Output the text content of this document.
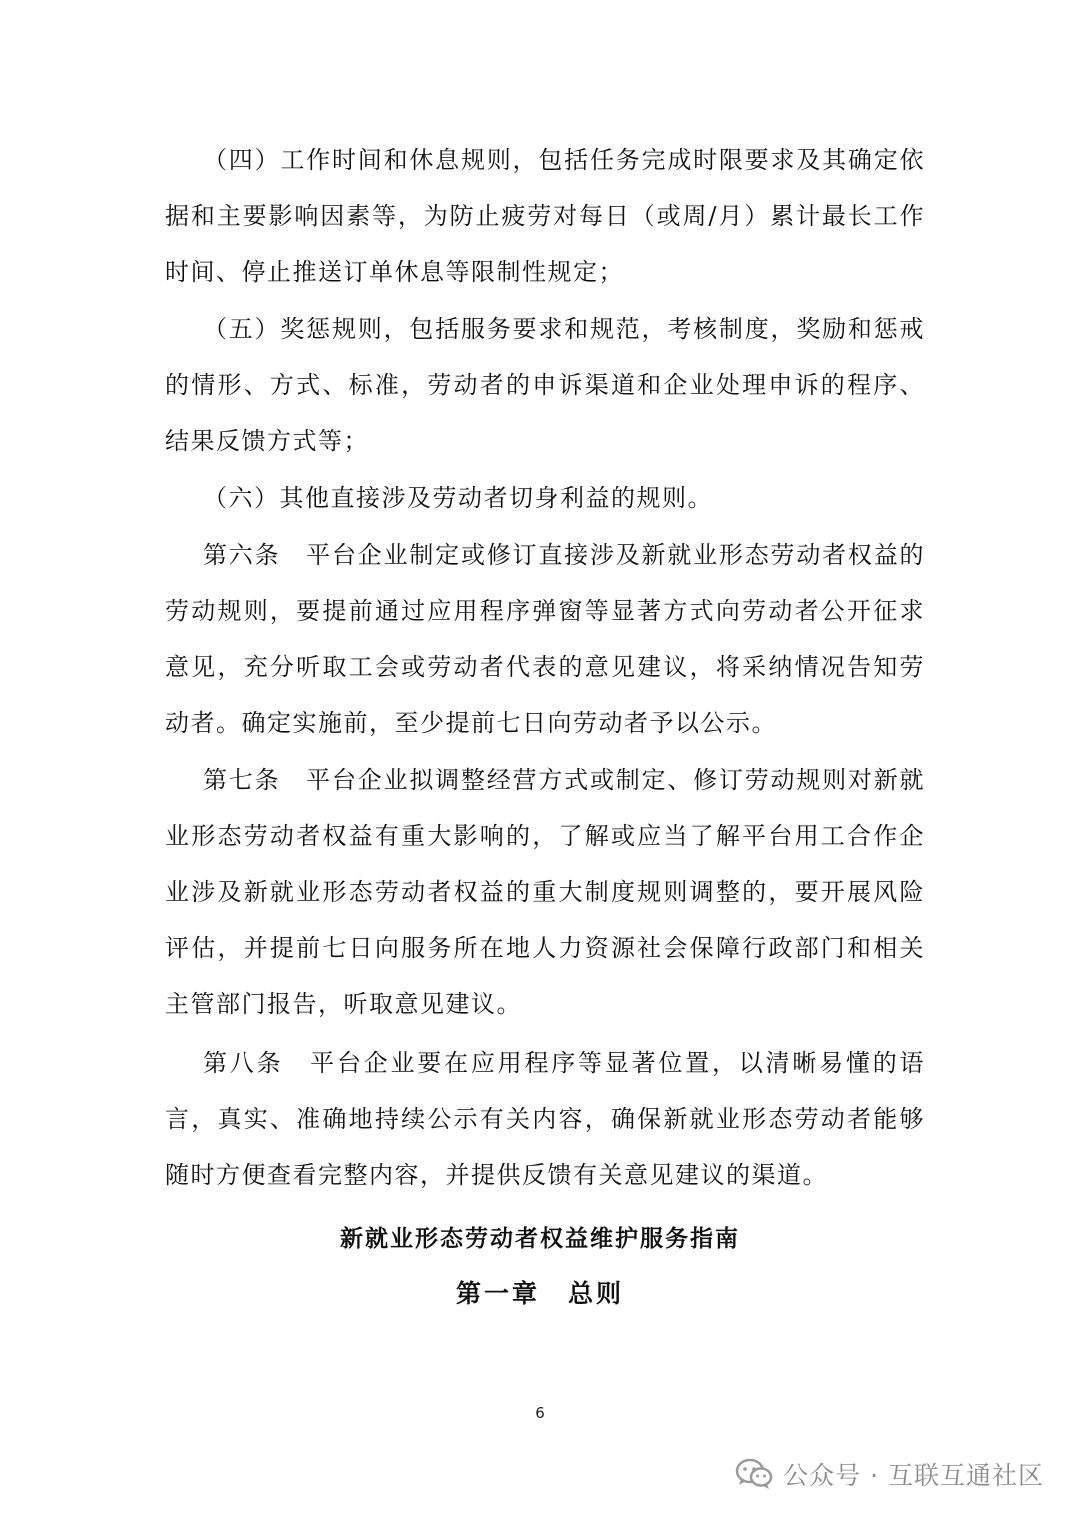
（四）工作时间和休息规则，包括任务完成时限要求及其确定依据和主要影响因素等，为防止疲劳对每日（或周/月）累计最长工作时间、停止推送订单休息等限制性规定；

（五）奖惩规则，包括服务要求和规范，考核制度，奖励和惩戒的情形、方式、标准，劳动者的申诉渠道和企业处理申诉的程序、结果反馈方式等；

（六）其他直接涉及劳动者切身利益的规则。

第六条　平台企业制定或修订直接涉及新就业形态劳动者权益的劳动规则，要提前通过应用程序弹窗等显著方式向劳动者公开征求意见，充分听取工会或劳动者代表的意见建议，将采纳情况告知劳动者。确定实施前，至少提前七日向劳动者予以公示。

第七条　平台企业拟调整经营方式或制定、修订劳动规则对新就业形态劳动者权益有重大影响的，了解或应当了解平台用工合作企业涉及新就业形态劳动者权益的重大制度规则调整的，要开展风险评估，并提前七日向服务所在地人力资源社会保障行政部门和相关主管部门报告，听取意见建议。

第八条　平台企业要在应用程序等显著位置，以清晰易懂的语言，真实、准确地持续公示有关内容，确保新就业形态劳动者能够随时方便查看完整内容，并提供反馈有关意见建议的渠道。

新就业形态劳动者权益维护服务指南
第一章　总则
6
公众号 · 互联互通社区
